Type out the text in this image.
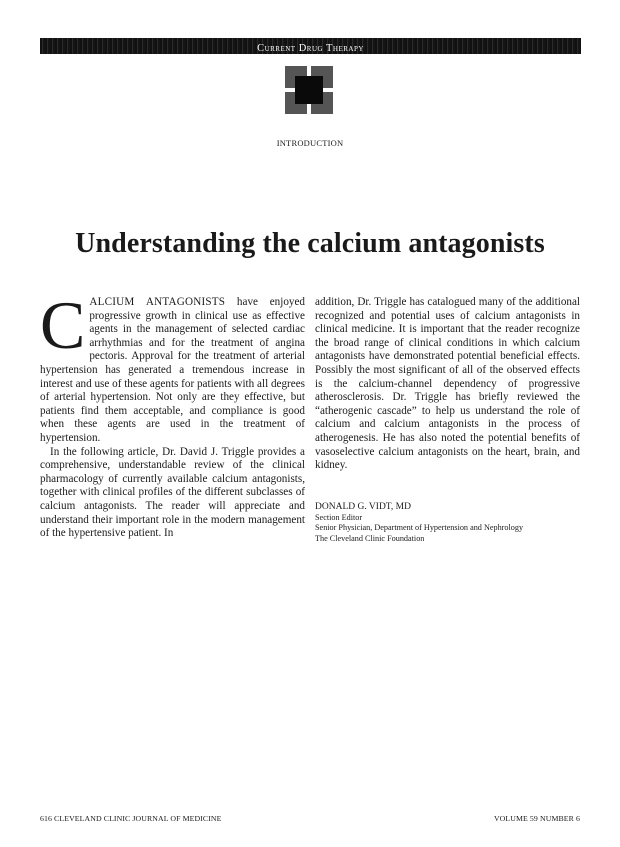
Current Drug Therapy
INTRODUCTION
Understanding the calcium antagonists

CALCIUM ANTAGONISTS have enjoyed progressive growth in clinical use as effective agents in the management of selected cardiac arrhythmias and for the treatment of angina pectoris. Approval for the treatment of arterial hypertension has generated a tremendous increase in interest and use of these agents for patients with all degrees of arterial hypertension. Not only are they effective, but patients find them acceptable, and compliance is good when these agents are used in the treatment of hypertension.

In the following article, Dr. David J. Triggle provides a comprehensive, understandable review of the clinical pharmacology of currently available calcium antagonists, together with clinical profiles of the different subclasses of calcium antagonists. The reader will appreciate and understand their important role in the modern management of the hypertensive patient. In

addition, Dr. Triggle has catalogued many of the additional recognized and potential uses of calcium antagonists in clinical medicine. It is important that the reader recognize the broad range of clinical conditions in which calcium antagonists have demonstrated potential beneficial effects. Possibly the most significant of all of the observed effects is the calcium-channel dependency of progressive atherosclerosis. Dr. Triggle has briefly reviewed the “atherogenic cascade” to help us understand the role of calcium and calcium antagonists in the process of atherogenesis. He has also noted the potential benefits of vasoselective calcium antagonists on the heart, brain, and kidney.

DONALD G. VIDT, MD
Section Editor
Senior Physician, Department of Hypertension and Nephrology
The Cleveland Clinic Foundation
616 CLEVELAND CLINIC JOURNAL OF MEDICINE	VOLUME 59 NUMBER 6
